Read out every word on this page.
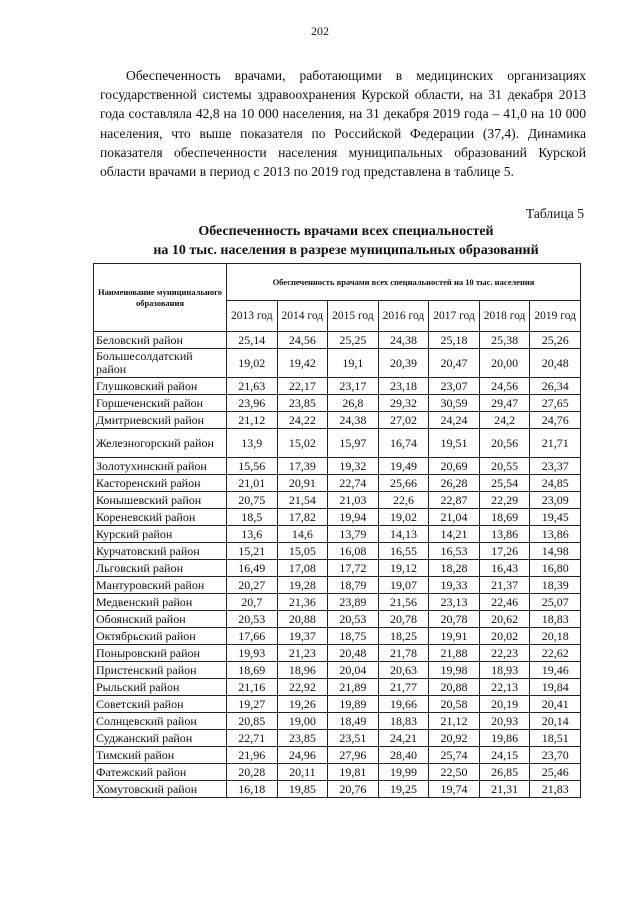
202
Обеспеченность врачами, работающими в медицинских организациях государственной системы здравоохранения Курской области, на 31 декабря 2013 года составляла 42,8 на 10 000 населения, на 31 декабря 2019 года – 41,0 на 10 000 населения, что выше показателя по Российской Федерации (37,4). Динамика показателя обеспеченности населения муниципальных образований Курской области врачами в период с 2013 по 2019 год представлена в таблице 5.
Таблица 5
Обеспеченность врачами всех специальностей
на 10 тыс. населения в разрезе муниципальных образований
Наименование муниципального образования	Обеспеченность врачами всех специальностей на 10 тыс. населения						
	2013 год	2014 год	2015 год	2016 год	2017 год	2018 год	2019 год
Беловский район	25,14	24,56	25,25	24,38	25,18	25,38	25,26
Большесолдатский район	19,02	19,42	19,1	20,39	20,47	20,00	20,48
Глушковский район	21,63	22,17	23,17	23,18	23,07	24,56	26,34
Горшеченский район	23,96	23,85	26,8	29,32	30,59	29,47	27,65
Дмитриевский район	21,12	24,22	24,38	27,02	24,24	24,2	24,76
Железногорский район	13,9	15,02	15,97	16,74	19,51	20,56	21,71
Золотухинский район	15,56	17,39	19,32	19,49	20,69	20,55	23,37
Касторенский район	21,01	20,91	22,74	25,66	26,28	25,54	24,85
Конышевский район	20,75	21,54	21,03	22,6	22,87	22,29	23,09
Кореневский район	18,5	17,82	19,94	19,02	21,04	18,69	19,45
Курский район	13,6	14,6	13,79	14,13	14,21	13,86	13,86
Курчатовский район	15,21	15,05	16,08	16,55	16,53	17,26	14,98
Льговский район	16,49	17,08	17,72	19,12	18,28	16,43	16,80
Мантуровский район	20,27	19,28	18,79	19,07	19,33	21,37	18,39
Медвенский район	20,7	21,36	23,89	21,56	23,13	22,46	25,07
Обоянский район	20,53	20,88	20,53	20,78	20,78	20,62	18,83
Октябрьский район	17,66	19,37	18,75	18,25	19,91	20,02	20,18
Поныровский район	19,93	21,23	20,48	21,78	21,88	22,23	22,62
Пристенский район	18,69	18,96	20,04	20,63	19,98	18,93	19,46
Рыльский район	21,16	22,92	21,89	21,77	20,88	22,13	19,84
Советский район	19,27	19,26	19,89	19,66	20,58	20,19	20,41
Солнцевский район	20,85	19,00	18,49	18,83	21,12	20,93	20,14
Суджанский район	22,71	23,85	23,51	24,21	20,92	19,86	18,51
Тимский район	21,96	24,96	27,96	28,40	25,74	24,15	23,70
Фатежский район	20,28	20,11	19,81	19,99	22,50	26,85	25,46
Хомутовский район	16,18	19,85	20,76	19,25	19,74	21,31	21,83
